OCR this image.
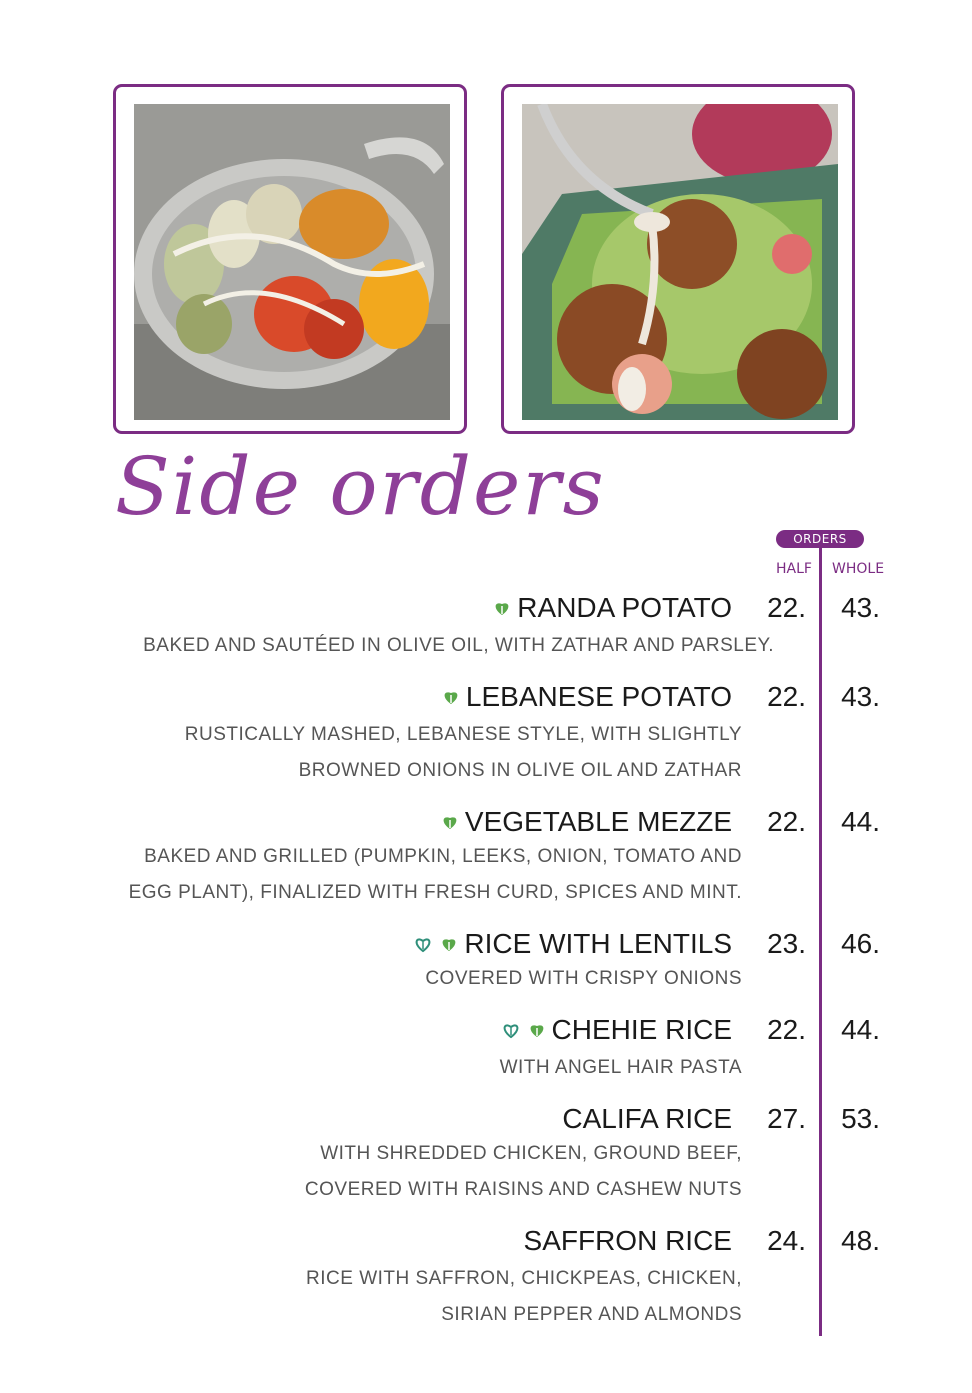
Side orders
ORDERS
HALF WHOLE
RANDA POTATO 22. 43.
BAKED AND SAUTÉED IN OLIVE OIL, WITH ZATHAR AND PARSLEY.
LEBANESE POTATO 22. 43.
RUSTICALLY MASHED, LEBANESE STYLE, WITH SLIGHTLY
BROWNED ONIONS IN OLIVE OIL AND ZATHAR
VEGETABLE MEZZE 22. 44.
BAKED AND GRILLED (PUMPKIN, LEEKS, ONION, TOMATO AND
EGG PLANT), FINALIZED WITH FRESH CURD, SPICES AND MINT.
RICE WITH LENTILS 23. 46.
COVERED WITH CRISPY ONIONS
CHEHIE RICE 22. 44.
WITH ANGEL HAIR PASTA
CALIFA RICE 27. 53.
WITH SHREDDED CHICKEN, GROUND BEEF,
COVERED WITH RAISINS AND CASHEW NUTS
SAFFRON RICE 24. 48.
RICE WITH SAFFRON, CHICKPEAS, CHICKEN,
SIRIAN PEPPER AND ALMONDS
